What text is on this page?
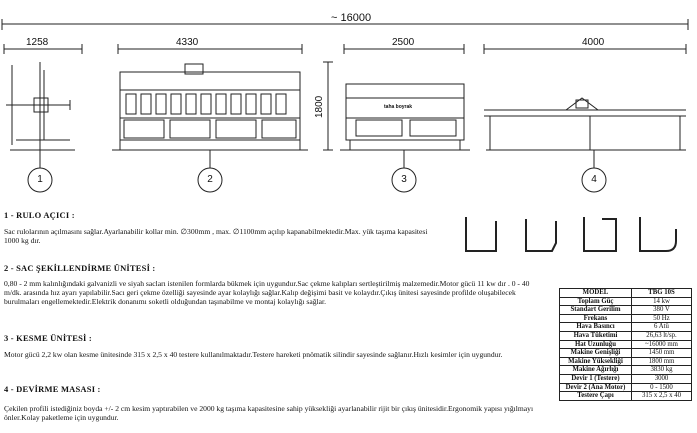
~ 16000
1258	4330	2500	4000
1800	taha boyrak
1	2	3	4
1 - RULO AÇICI :
Sac rulolarının açılmasını sağlar.Ayarlanabilir kollar min. ∅300mm , max. ∅1100mm açılıp kapanabilmektedir.Max. yük taşıma kapasitesi 1000 kg dır.
2 - SAC ŞEKİLLENDİRME ÜNİTESİ :
0,80 - 2 mm kalınlığındaki galvanizli ve siyah sacları istenilen formlarda bükmek için uygundur.Sac çekme kalıpları sertleştirilmiş malzemedir.Motor gücü 11 kw dır . 0 - 40 m/dk. arasında hız ayarı yapılabilir.Sacı geri çekme özelliği sayesinde ayar kolaylığı sağlar.Kalıp değişimi basit ve kolaydır.Çıkış ünitesi sayesinde profilde oluşabilecek burulmaları engellemektedir.Elektrik donanımı soketli olduğundan taşınabilme ve montaj kolaylığı sağlar.
3 - KESME ÜNİTESİ :
Motor gücü 2,2 kw olan kesme ünitesinde 315 x 2,5 x 40 testere kullanılmaktadır.Testere hareketi pnömatik silindir sayesinde sağlanır.Hızlı kesimler için uygundur.
4 - DEVİRME MASASI :
Çekilen profili istediğiniz boyda +/- 2 cm kesim yaptırabilen ve 2000 kg taşıma kapasitesine sahip yüksekliği ayarlanabilir rijit bir çıkış ünitesidir.Ergonomik yapısı yığılmayı önler.Kolay paketleme için uygundur.
MODEL	TBG 10S
Toplam Güç	14 kw
Standart Gerilim	380 V
Frekans	50 Hz
Hava Basıncı	6 Atü
Hava Tüketimi	26,63 lt/sp.
Hat Uzunluğu	~16000 mm
Makine Genişliği	1450 mm
Makine Yüksekliği	1800 mm
Makine Ağırlığı	3830 kg
Devir 1 (Testere)	3000
Devir 2 (Ana Motor)	0 - 1500
Testere Çapı	315 x 2,5 x 40
